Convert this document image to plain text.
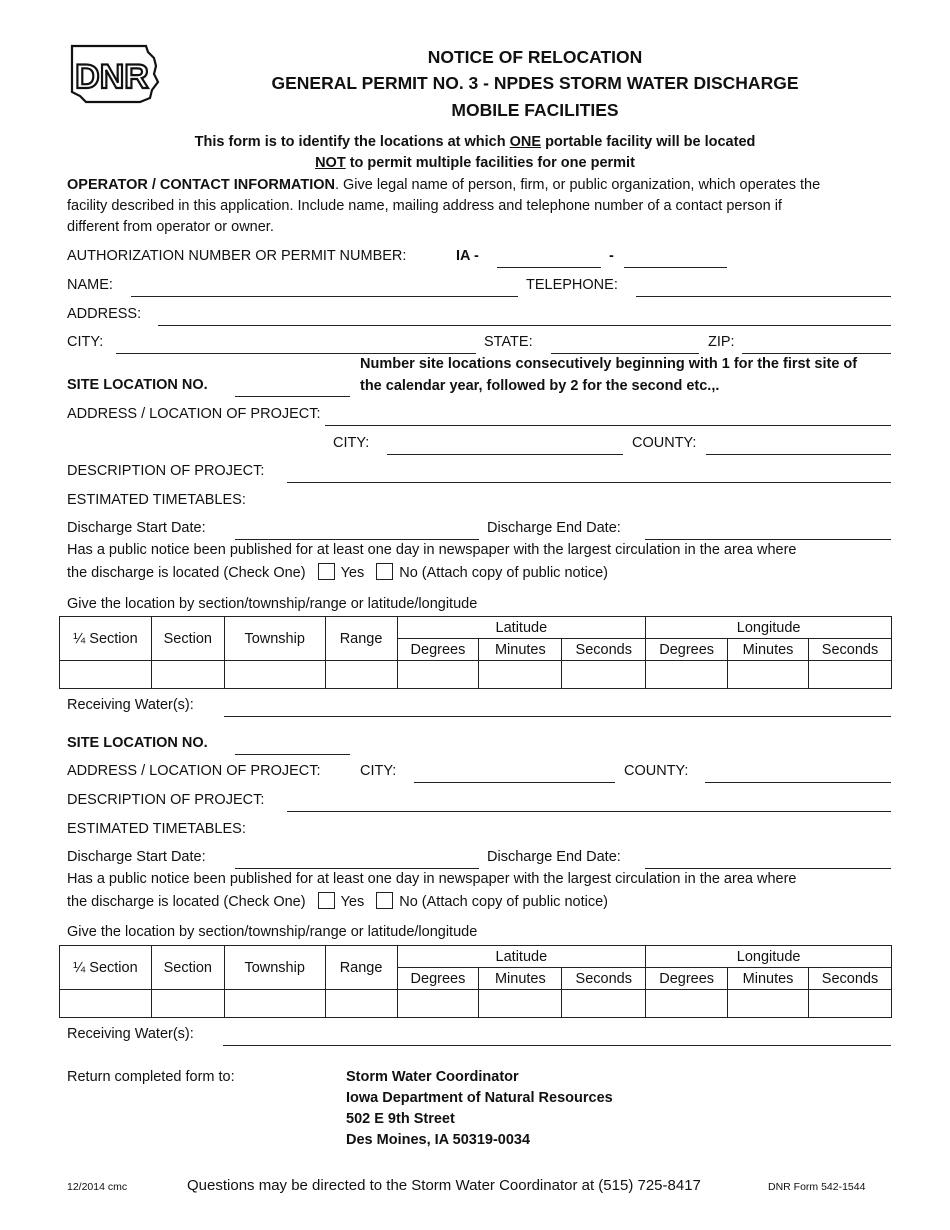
DNR
NOTICE OF RELOCATION
GENERAL PERMIT NO. 3 - NPDES STORM WATER DISCHARGE
MOBILE FACILITIES
This form is to identify the locations at which ONE portable facility will be located
NOT to permit multiple facilities for one permit
OPERATOR / CONTACT INFORMATION. Give legal name of person, firm, or public organization, which operates the
facility described in this application. Include name, mailing address and telephone number of a contact person if
different from operator or owner.
AUTHORIZATION NUMBER OR PERMIT NUMBER:	IA -	-
NAME:	TELEPHONE:
ADDRESS:
CITY:	STATE:	ZIP:
SITE LOCATION NO.
Number site locations consecutively beginning with 1 for the first site of
the calendar year, followed by 2 for the second etc.,.
ADDRESS / LOCATION OF PROJECT:
CITY:	COUNTY:
DESCRIPTION OF PROJECT:
ESTIMATED TIMETABLES:
Discharge Start Date:	Discharge End Date:
Has a public notice been published for at least one day in newspaper with the largest circulation in the area where
the discharge is located (Check One) Yes No (Attach copy of public notice)
Give the location by section/township/range or latitude/longitude
¼ Section	Section	Township	Range	Latitude			Longitude		
				Degrees	Minutes	Seconds	Degrees	Minutes	Seconds

Receiving Water(s):
SITE LOCATION NO.
ADDRESS / LOCATION OF PROJECT:	CITY:	COUNTY:
DESCRIPTION OF PROJECT:
ESTIMATED TIMETABLES:
Discharge Start Date:	Discharge End Date:
Has a public notice been published for at least one day in newspaper with the largest circulation in the area where
the discharge is located (Check One) Yes No (Attach copy of public notice)
Give the location by section/township/range or latitude/longitude
¼ Section	Section	Township	Range	Latitude			Longitude		
				Degrees	Minutes	Seconds	Degrees	Minutes	Seconds

Receiving Water(s):
Return completed form to:	Storm Water Coordinator
Iowa Department of Natural Resources
502 E 9th Street
Des Moines, IA 50319-0034
12/2014 cmc	Questions may be directed to the Storm Water Coordinator at (515) 725-8417	DNR Form 542-1544
